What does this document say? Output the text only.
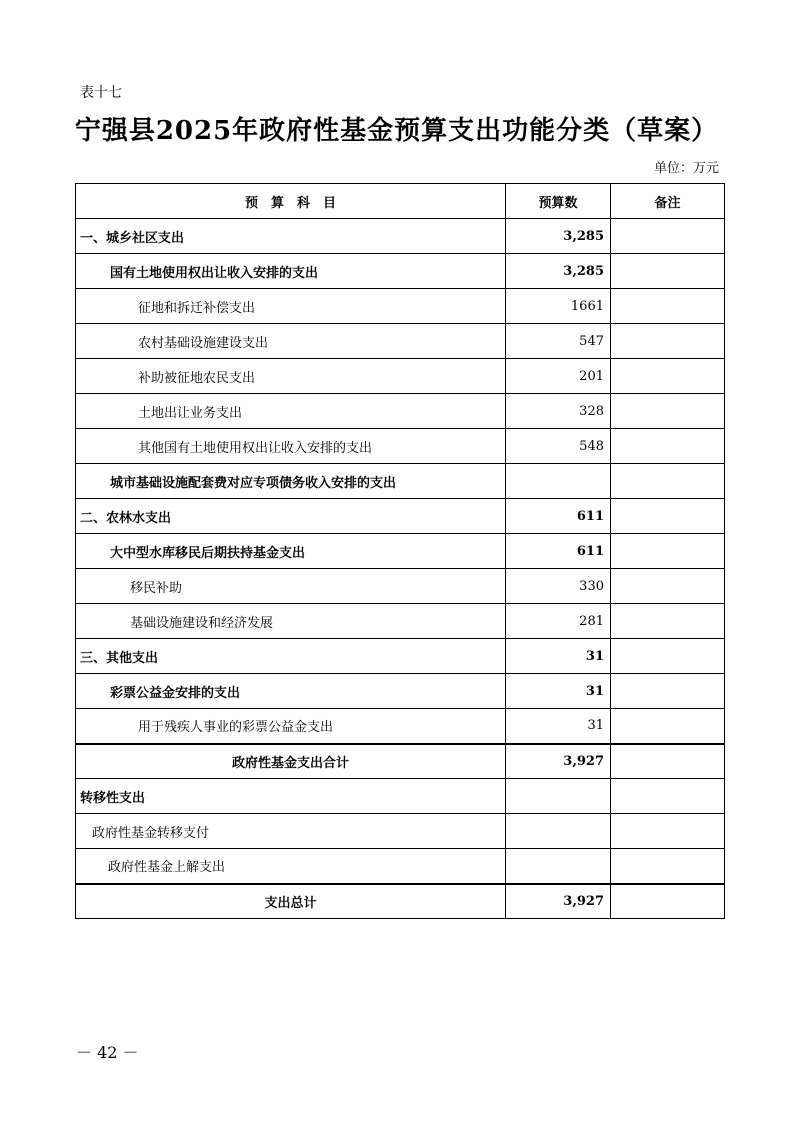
表十七
宁强县2025年政府性基金预算支出功能分类（草案）
单位：万元
预　算　科　目	预算数	备注
一、城乡社区支出	3,285	
国有土地使用权出让收入安排的支出	3,285	
征地和拆迁补偿支出	1661	
农村基础设施建设支出	547	
补助被征地农民支出	201	
土地出让业务支出	328	
其他国有土地使用权出让收入安排的支出	548	
城市基础设施配套费对应专项债务收入安排的支出		
二、农林水支出	611	
大中型水库移民后期扶持基金支出	611	
移民补助	330	
基础设施建设和经济发展	281	
三、其他支出	31	
彩票公益金安排的支出	31	
用于残疾人事业的彩票公益金支出	31	
政府性基金支出合计	3,927	
转移性支出		
政府性基金转移支付		
政府性基金上解支出		
支出总计	3,927	
－ 42 －
